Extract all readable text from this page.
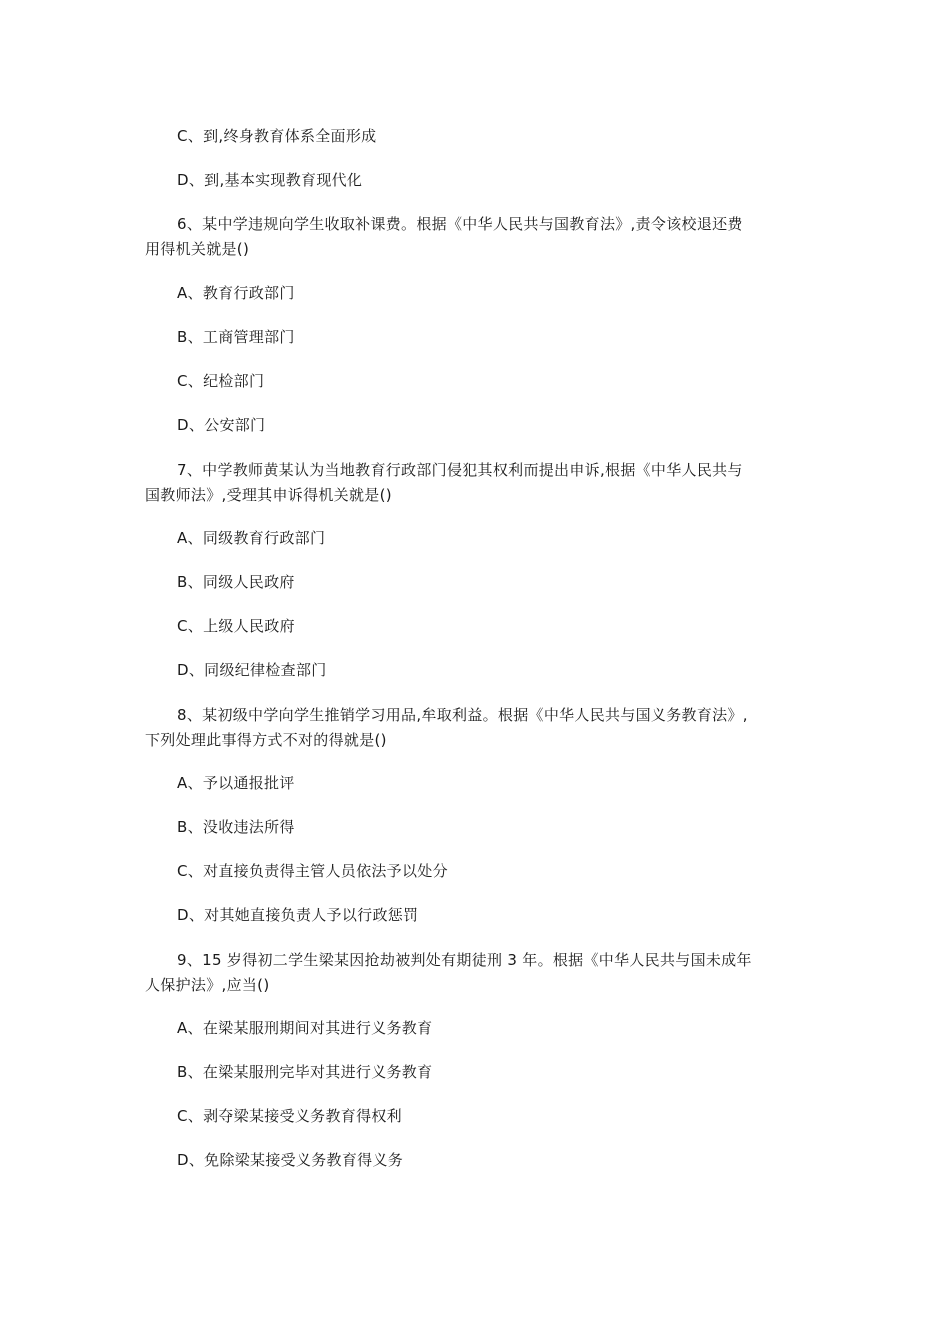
C、到,终身教育体系全面形成
D、到,基本实现教育现代化
6、某中学违规向学生收取补课费。根据《中华人民共与国教育法》,责令该校退还费
用得机关就是()
A、教育行政部门
B、工商管理部门
C、纪检部门
D、公安部门
7、中学教师黄某认为当地教育行政部门侵犯其权利而提出申诉,根据《中华人民共与
国教师法》,受理其申诉得机关就是()
A、同级教育行政部门
B、同级人民政府
C、上级人民政府
D、同级纪律检查部门
8、某初级中学向学生推销学习用品,牟取利益。根据《中华人民共与国义务教育法》,
下列处理此事得方式不对的得就是()
A、予以通报批评
B、没收违法所得
C、对直接负责得主管人员依法予以处分
D、对其她直接负责人予以行政惩罚
9、15 岁得初二学生梁某因抢劫被判处有期徒刑 3 年。根据《中华人民共与国未成年
人保护法》,应当()
A、在梁某服刑期间对其进行义务教育
B、在梁某服刑完毕对其进行义务教育
C、剥夺梁某接受义务教育得权利
D、免除梁某接受义务教育得义务
